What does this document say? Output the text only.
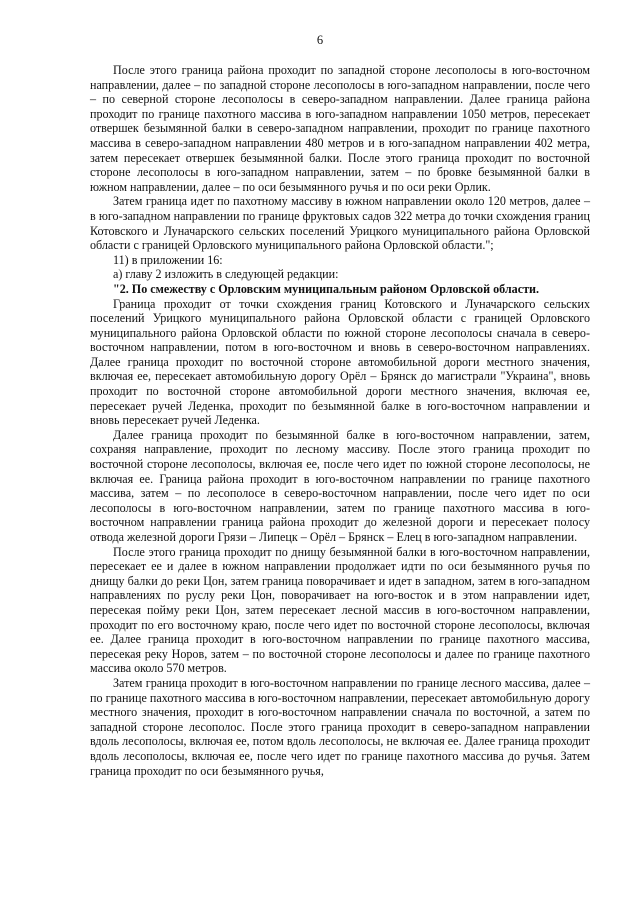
6

После этого граница района проходит по западной стороне лесополосы в юго-восточном направлении, далее – по западной стороне лесополосы в юго-западном направлении, после чего – по северной стороне лесополосы в северо-западном направлении. Далее граница района проходит по границе пахотного массива в юго-западном направлении 1050 метров, пересекает отвершек безымянной балки в северо-западном направлении, проходит по границе пахотного массива в северо-западном направлении 480 метров и в юго-западном направлении 402 метра, затем пересекает отвершек безымянной балки. После этого граница проходит по восточной стороне лесополосы в юго-западном направлении, затем – по бровке безымянной балки в южном направлении, далее – по оси безымянного ручья и по оси реки Орлик.

Затем граница идет по пахотному массиву в южном направлении около 120 метров, далее – в юго-западном направлении по границе фруктовых садов 322 метра до точки схождения границ Котовского и Луначарского сельских поселений Урицкого муниципального района Орловской области с границей Орловского муниципального района Орловской области.";

11) в приложении 16:

а) главу 2 изложить в следующей редакции:

"2. По смежеству с Орловским муниципальным районом Орловской области.

Граница проходит от точки схождения границ Котовского и Луначарского сельских поселений Урицкого муниципального района Орловской области с границей Орловского муниципального района Орловской области по южной стороне лесополосы сначала в северо-восточном направлении, потом в юго-восточном и вновь в северо-восточном направлениях. Далее граница проходит по восточной стороне автомобильной дороги местного значения, включая ее, пересекает автомобильную дорогу Орёл – Брянск до магистрали "Украина", вновь проходит по восточной стороне автомобильной дороги местного значения, включая ее, пересекает ручей Леденка, проходит по безымянной балке в юго-восточном направлении и вновь пересекает ручей Леденка.

Далее граница проходит по безымянной балке в юго-восточном направлении, затем, сохраняя направление, проходит по лесному массиву. После этого граница проходит по восточной стороне лесополосы, включая ее, после чего идет по южной стороне лесополосы, не включая ее. Граница района проходит в юго-восточном направлении по границе пахотного массива, затем – по лесополосе в северо-восточном направлении, после чего идет по оси лесополосы в юго-восточном направлении, затем по границе пахотного массива в юго-восточном направлении граница района проходит до железной дороги и пересекает полосу отвода железной дороги Грязи – Липецк – Орёл – Брянск – Елец в юго-западном направлении.

После этого граница проходит по днищу безымянной балки в юго-восточном направлении, пересекает ее и далее в южном направлении продолжает идти по оси безымянного ручья по днищу балки до реки Цон, затем граница поворачивает и идет в западном, затем в юго-западном направлениях по руслу реки Цон, поворачивает на юго-восток и в этом направлении идет, пересекая пойму реки Цон, затем пересекает лесной массив в юго-восточном направлении, проходит по его восточному краю, после чего идет по восточной стороне лесополосы, включая ее. Далее граница проходит в юго-восточном направлении по границе пахотного массива, пересекая реку Норов, затем – по восточной стороне лесополосы и далее по границе пахотного массива около 570 метров.

Затем граница проходит в юго-восточном направлении по границе лесного массива, далее – по границе пахотного массива в юго-восточном направлении, пересекает автомобильную дорогу местного значения, проходит в юго-восточном направлении сначала по восточной, а затем по западной стороне лесополос. После этого граница проходит в северо-западном направлении вдоль лесополосы, включая ее, потом вдоль лесополосы, не включая ее. Далее граница проходит вдоль лесополосы, включая ее, после чего идет по границе пахотного массива до ручья. Затем граница проходит по оси безымянного ручья,
